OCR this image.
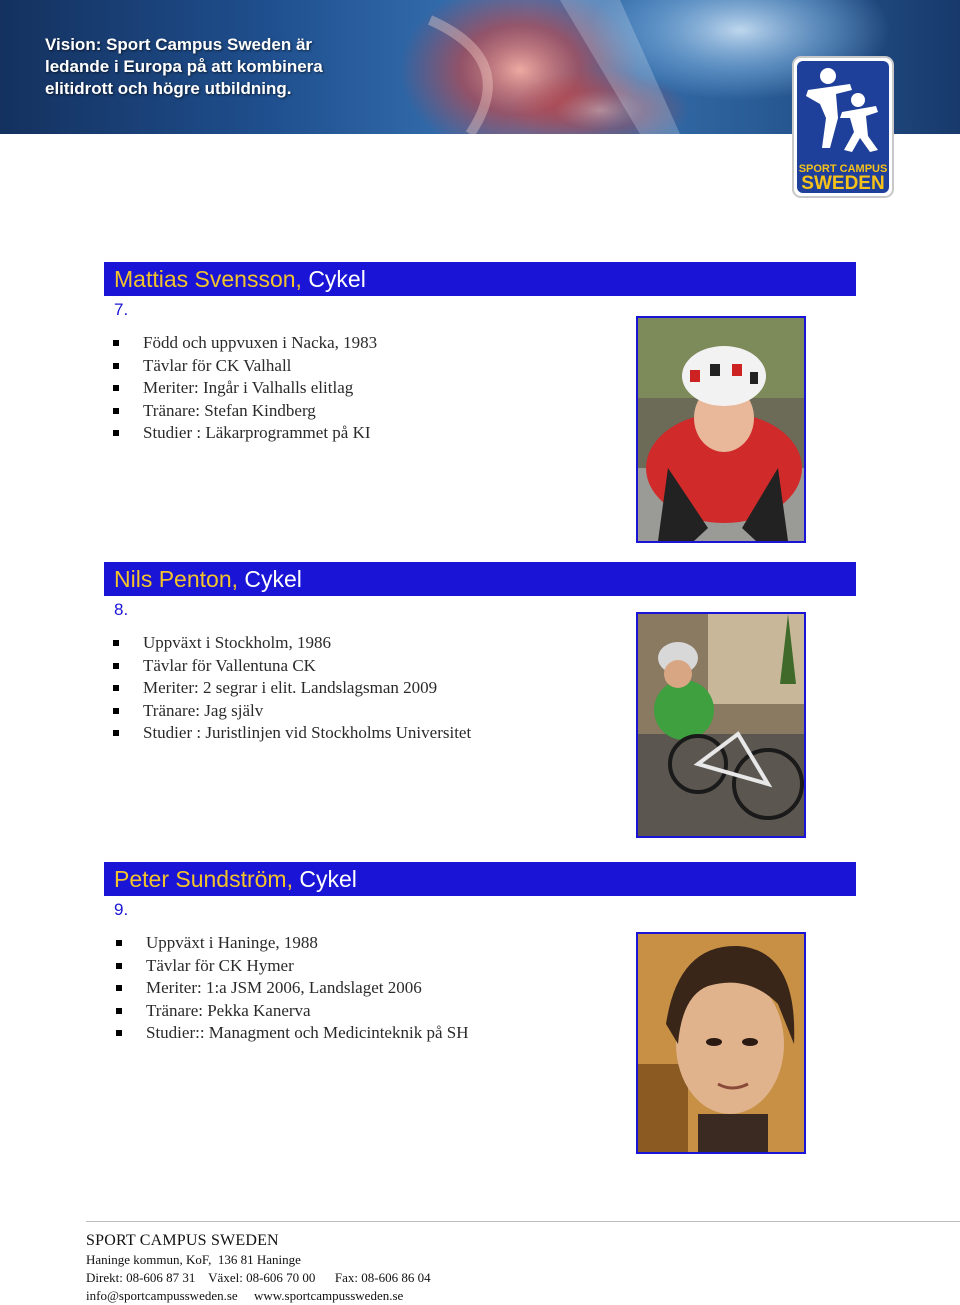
Vision: Sport Campus Sweden är
ledande i Europa på att kombinera
elitidrott och högre utbildning.
SPORT CAMPUS
SWEDEN
Mattias Svensson, Cykel
7.
Född och uppvuxen i Nacka, 1983
Tävlar för CK Valhall
Meriter: Ingår i Valhalls elitlag
Tränare: Stefan Kindberg
Studier : Läkarprogrammet på KI
Nils Penton, Cykel
8.
Uppväxt i Stockholm, 1986
Tävlar för Vallentuna CK
Meriter: 2 segrar i elit. Landslagsman 2009
Tränare: Jag själv
Studier : Juristlinjen vid Stockholms Universitet
Peter Sundström, Cykel
9.
Uppväxt i Haninge, 1988
Tävlar för CK Hymer
Meriter: 1:a JSM 2006, Landslaget 2006
Tränare: Pekka Kanerva
Studier:: Managment och Medicinteknik på SH
SPORT CAMPUS SWEDEN
Haninge kommun, KoF,  136 81 Haninge
Direkt: 08-606 87 31    Växel: 08-606 70 00      Fax: 08-606 86 04
info@sportcampussweden.se     www.sportcampussweden.se
